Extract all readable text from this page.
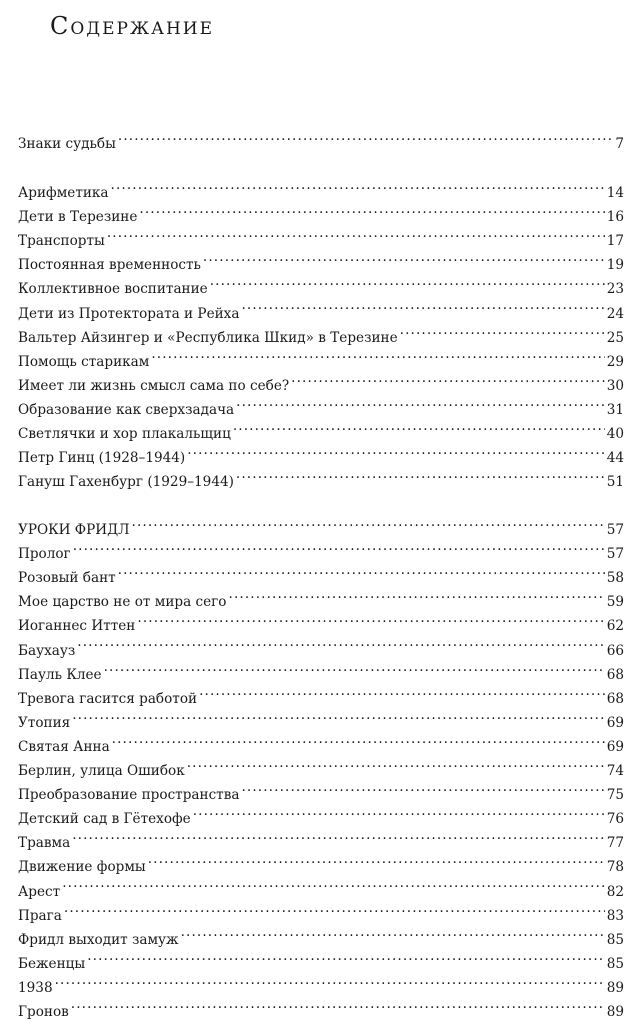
Содержание
Знаки судьбы . . .	7
Арифметика . . .	14
Дети в Терезине . . .	16
Транспорты . . .	17
Постоянная временность . . .	19
Коллективное воспитание . . .	23
Дети из Протектората и Рейха . . .	24
Вальтер Айзингер и «Республика Шкид» в Терезине . . .	25
Помощь старикам . . .	29
Имеет ли жизнь смысл сама по себе? . . .	30
Образование как сверхзадача . . .	31
Светлячки и хор плакальщиц . . .	40
Петр Гинц (1928–1944) . . .	44
Гануш Гахенбург (1929–1944) . . .	51
УРОКИ ФРИДЛ . . .	57
Пролог . . .	57
Розовый бант . . .	58
Мое царство не от мира сего . . .	59
Иоганнес Иттен . . .	62
Баухауз . . .	66
Пауль Клее . . .	68
Тревога гасится работой . . .	68
Утопия . . .	69
Святая Анна . . .	69
Берлин, улица Ошибок . . .	74
Преобразование пространства . . .	75
Детский сад в Гётехофе . . .	76
Травма . . .	77
Движение формы . . .	78
Арест . . .	82
Прага . . .	83
Фридл выходит замуж . . .	85
Беженцы . . .	85
1938 . . .	89
Гронов . . .	89
